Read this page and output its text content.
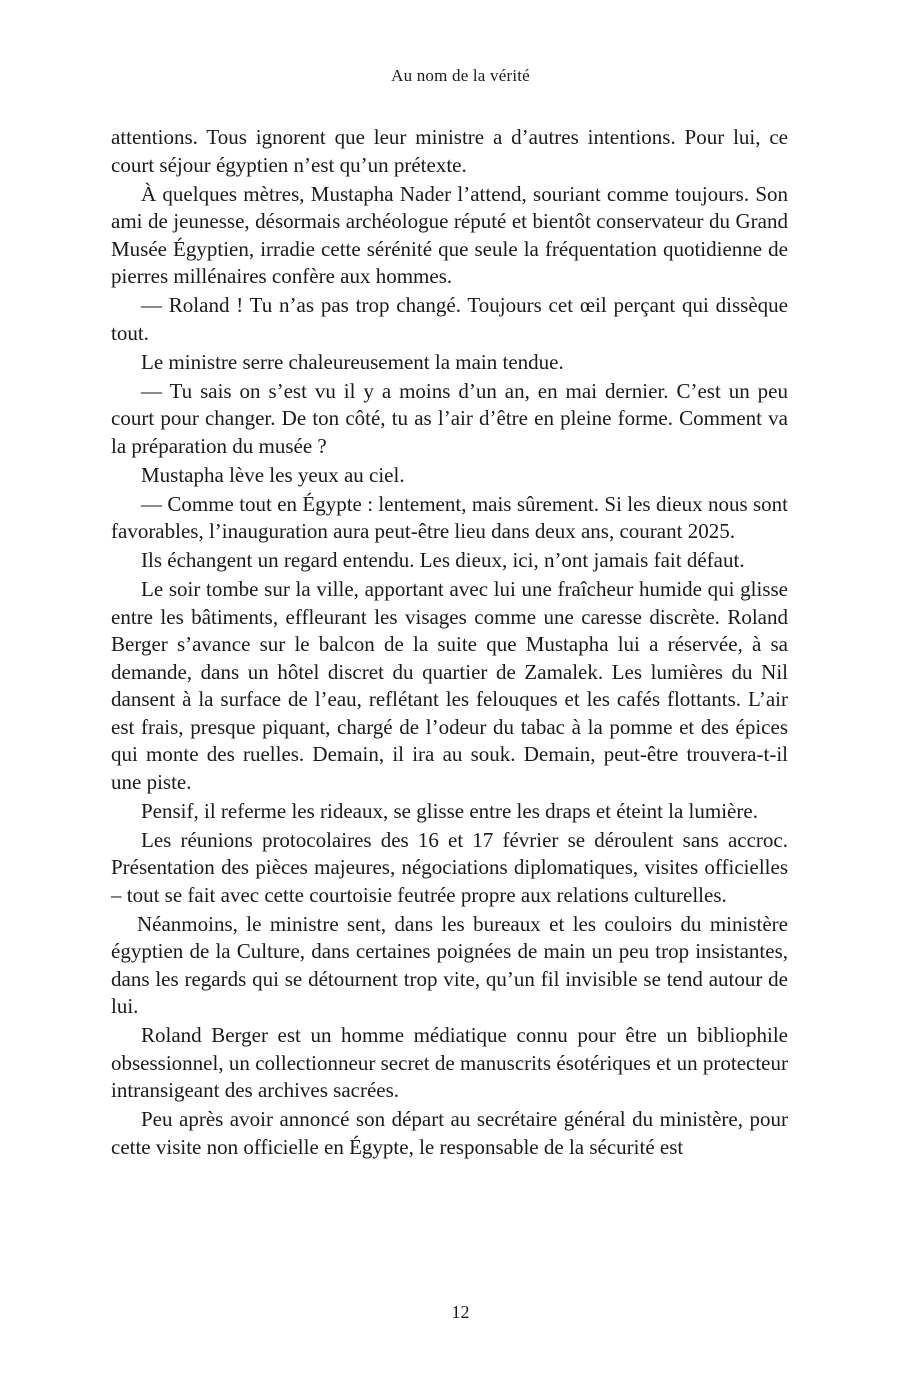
Au nom de la vérité

attentions. Tous ignorent que leur ministre a d’autres intentions. Pour lui, ce court séjour égyptien n’est qu’un prétexte.

À quelques mètres, Mustapha Nader l’attend, souriant comme toujours. Son ami de jeunesse, désormais archéologue réputé et bientôt conservateur du Grand Musée Égyptien, irradie cette sérénité que seule la fréquentation quotidienne de pierres millénaires confère aux hommes.

— Roland ! Tu n’as pas trop changé. Toujours cet œil perçant qui dissèque tout.

Le ministre serre chaleureusement la main tendue.

— Tu sais on s’est vu il y a moins d’un an, en mai dernier. C’est un peu court pour changer. De ton côté, tu as l’air d’être en pleine forme. Comment va la préparation du musée ?

Mustapha lève les yeux au ciel.

— Comme tout en Égypte : lentement, mais sûrement. Si les dieux nous sont favorables, l’inauguration aura peut-être lieu dans deux ans, courant 2025.

Ils échangent un regard entendu. Les dieux, ici, n’ont jamais fait défaut.

Le soir tombe sur la ville, apportant avec lui une fraîcheur humide qui glisse entre les bâtiments, effleurant les visages comme une caresse discrète. Roland Berger s’avance sur le balcon de la suite que Mustapha lui a réservée, à sa demande, dans un hôtel discret du quartier de Zamalek. Les lumières du Nil dansent à la surface de l’eau, reflétant les felouques et les cafés flottants. L’air est frais, presque piquant, chargé de l’odeur du tabac à la pomme et des épices qui monte des ruelles. Demain, il ira au souk. Demain, peut-être trouvera-t-il une piste.

Pensif, il referme les rideaux, se glisse entre les draps et éteint la lumière.

Les réunions protocolaires des 16 et 17 février se déroulent sans accroc. Présentation des pièces majeures, négociations diplomatiques, visites officielles – tout se fait avec cette courtoisie feutrée propre aux relations culturelles.

Néanmoins, le ministre sent, dans les bureaux et les couloirs du ministère égyptien de la Culture, dans certaines poignées de main un peu trop insistantes, dans les regards qui se détournent trop vite, qu’un fil invisible se tend autour de lui.

Roland Berger est un homme médiatique connu pour être un bibliophile obsessionnel, un collectionneur secret de manuscrits ésotériques et un protecteur intransigeant des archives sacrées.

Peu après avoir annoncé son départ au secrétaire général du ministère, pour cette visite non officielle en Égypte, le responsable de la sécurité est

12
